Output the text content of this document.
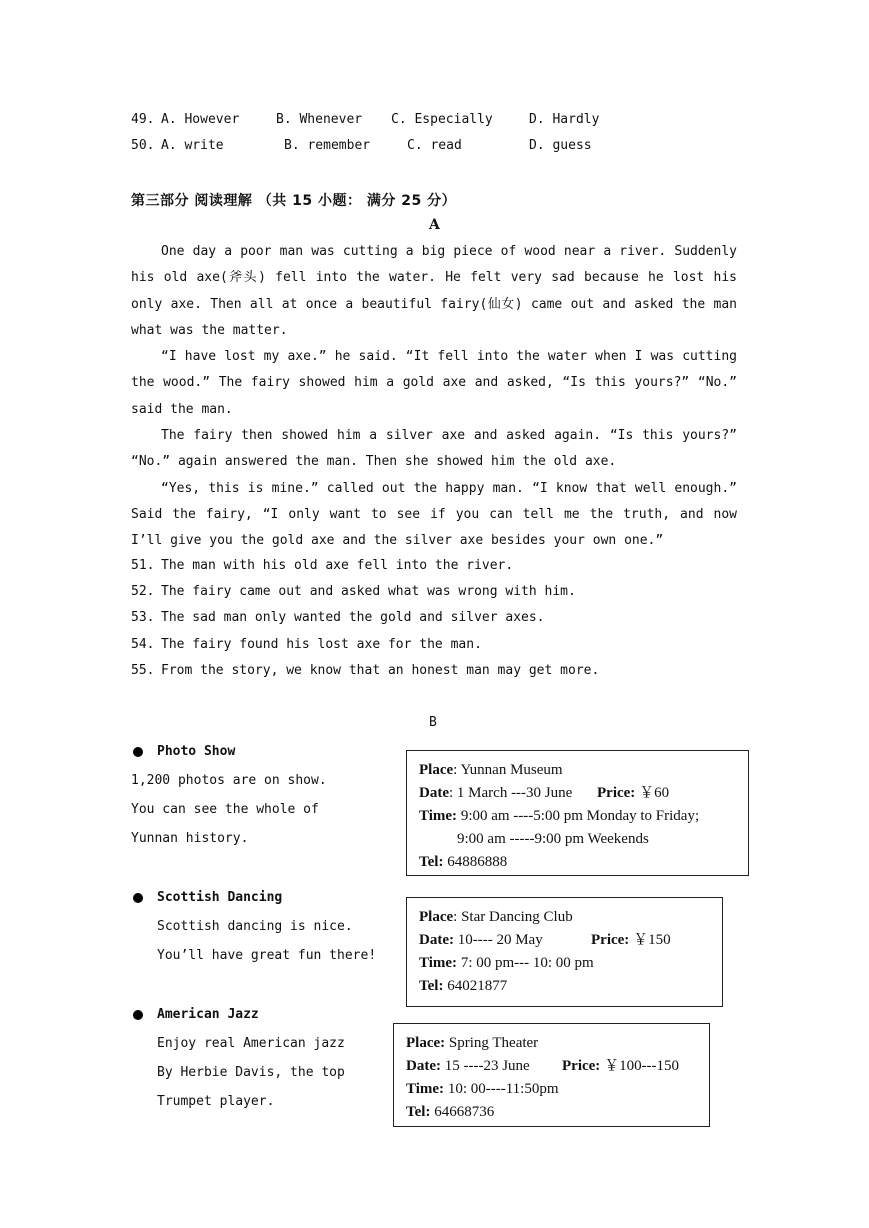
49. A. However	B. Whenever C. Especially	D. Hardly
50. A. write	B. remember	C. read	D. guess
第三部分 阅读理解 （共 15 小题： 满分 25 分）
A

One day a poor man was cutting a big piece of wood near a river. Suddenly his old axe(斧头) fell into the water. He felt very sad because he lost his only axe. Then all at once a beautiful fairy(仙女) came out and asked the man what was the matter.

“I have lost my axe.” he said. “It fell into the water when I was cutting the wood.” The fairy showed him a gold axe and asked, “Is this yours?” “No.” said the man.

The fairy then showed him a silver axe and asked again. “Is this yours?” “No.” again answered the man. Then she showed him the old axe.

“Yes, this is mine.” called out the happy man. “I know that well enough.” Said the fairy, “I only want to see if you can tell me the truth, and now I’ll give you the gold axe and the silver axe besides your own one.”

51. The man with his old axe fell into the river.
52. The fairy came out and asked what was wrong with him.
53. The sad man only wanted the gold and silver axes.
54. The fairy found his lost axe for the man.
55. From the story, we know that an honest man may get more.
B
Photo Show
1,200 photos are on show.
You can see the whole of
Yunnan history.
Place: Yunnan Museum
Date: 1 March ---30 June Price: ￥60
Time: 9:00 am ----5:00 pm Monday to Friday;
9:00 am -----9:00 pm Weekends
Tel: 64886888
Scottish Dancing
Scottish dancing is nice.
You’ll have great fun there!
Place: Star Dancing Club
Date: 10---- 20 May	Price: ￥150
Time: 7: 00 pm--- 10: 00 pm
Tel: 64021877
American Jazz
Enjoy real American jazz
By Herbie Davis, the top
Trumpet player.
Place: Spring Theater
Date: 15 ----23 June Price: ￥100---150
Time: 10: 00----11:50pm
Tel: 64668736
